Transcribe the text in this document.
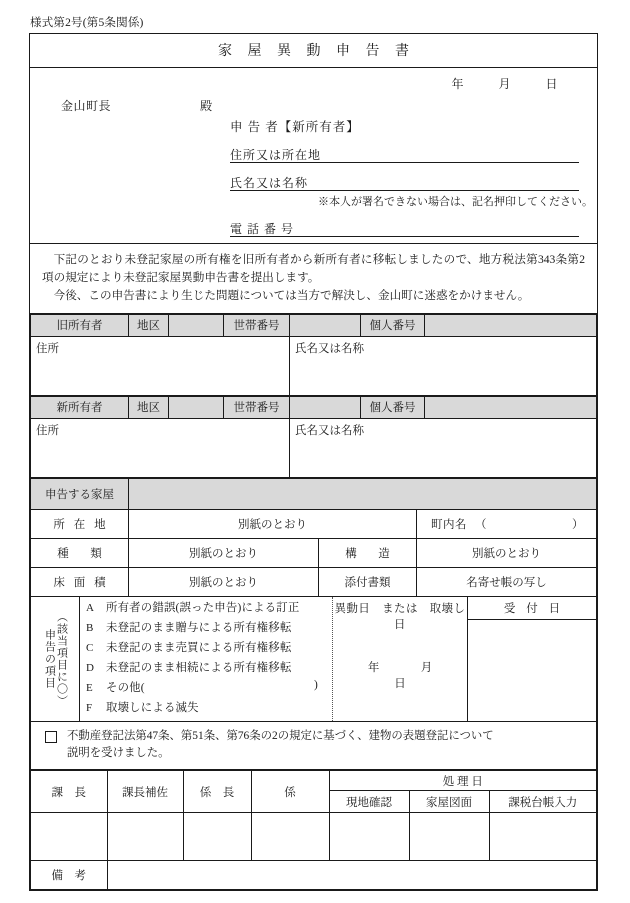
様式第2号(第5条関係)
家 屋 異 動 申 告 書
年	月	日
金山町長	殿
申 告 者【新所有者】
住所又は所在地
氏名又は名称
※本人が署名できない場合は、記名押印してください。
電 話 番 号

下記のとおり未登記家屋の所有権を旧所有者から新所有者に移転しましたので、地方税法第343条第2項の規定により未登記家屋異動申告書を提出します。

今後、この申告書により生じた問題については当方で解決し、金山町に迷惑をかけません。

旧所有者	地区		世帯番号		個人番号	
住所				氏名又は名称		
新所有者	地区		世帯番号		個人番号	
住所				氏名又は名称		
申告する家屋			
所 在 地	別紙のとおり		町内名 （ ）

種　類	別紙のとおり	構　造	別紙のとおり
床 面 積	別紙のとおり	添付書類	名寄せ帳の写し
（該当項目に〇）
申告の項目
A	所有者の錯誤(誤った申告)による訂正
B	未登記のまま贈与による所有権移転
C	未登記のまま売買による所有権移転
D	未登記のまま相続による所有権移転
E	その他(	)
F	取壊しによる滅失
異動日　または　取壊し日
年	月 日
受 付 日
不動産登記法第47条、第51条、第76条の2の規定に基づく、建物の表題登記について
説明を受けました。
課　長	課長補佐	係　長	係	処 理 日		
				現地確認	家屋図面	課税台帳入力

備　考						
